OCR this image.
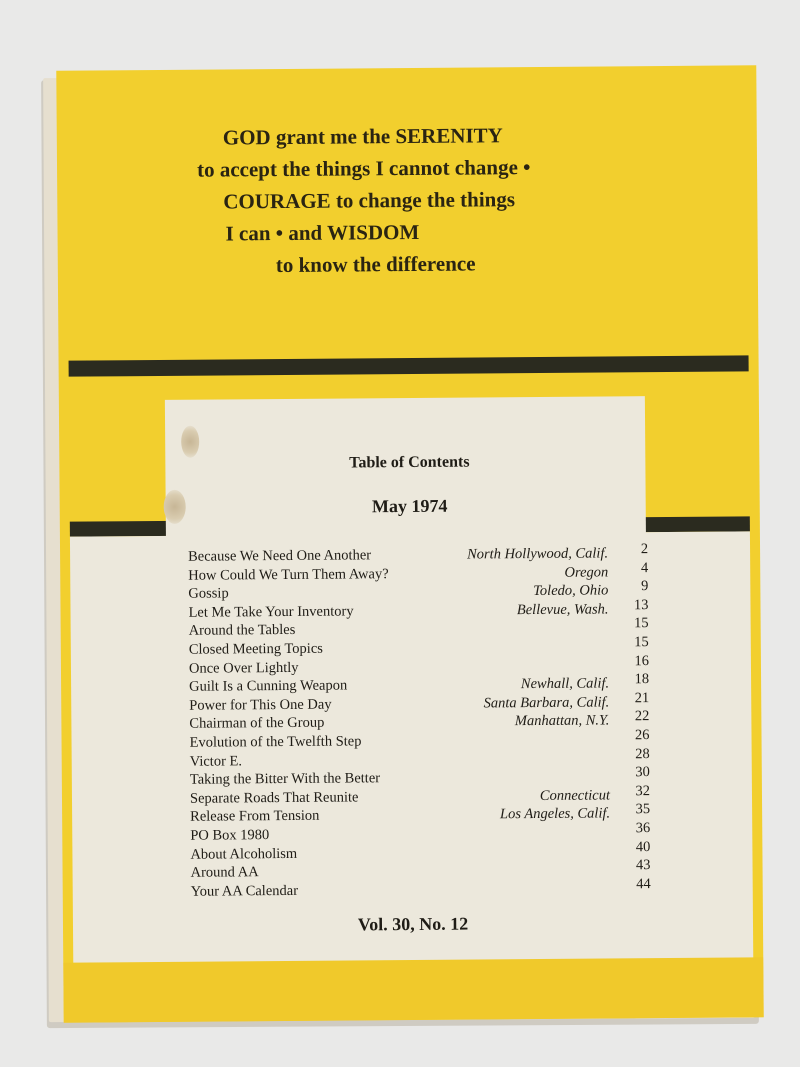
GOD grant me the SERENITY
to accept the things I cannot change •
COURAGE to change the things
I can • and WISDOM
to know the difference
Table of Contents
May 1974
Because We Need One Another	North Hollywood, Calif.	2
How Could We Turn Them Away?	Oregon	4
Gossip	Toledo, Ohio	9
Let Me Take Your Inventory	Bellevue, Wash.	13
Around the Tables	15
Closed Meeting Topics	15
Once Over Lightly	16
Guilt Is a Cunning Weapon	Newhall, Calif.	18
Power for This One Day	Santa Barbara, Calif.	21
Chairman of the Group	Manhattan, N.Y.	22
Evolution of the Twelfth Step	26
Victor E.	28
Taking the Bitter With the Better	30
Separate Roads That Reunite	Connecticut	32
Release From Tension	Los Angeles, Calif.	35
PO Box 1980	36
About Alcoholism	40
Around AA	43
Your AA Calendar	44
Vol. 30, No. 12
